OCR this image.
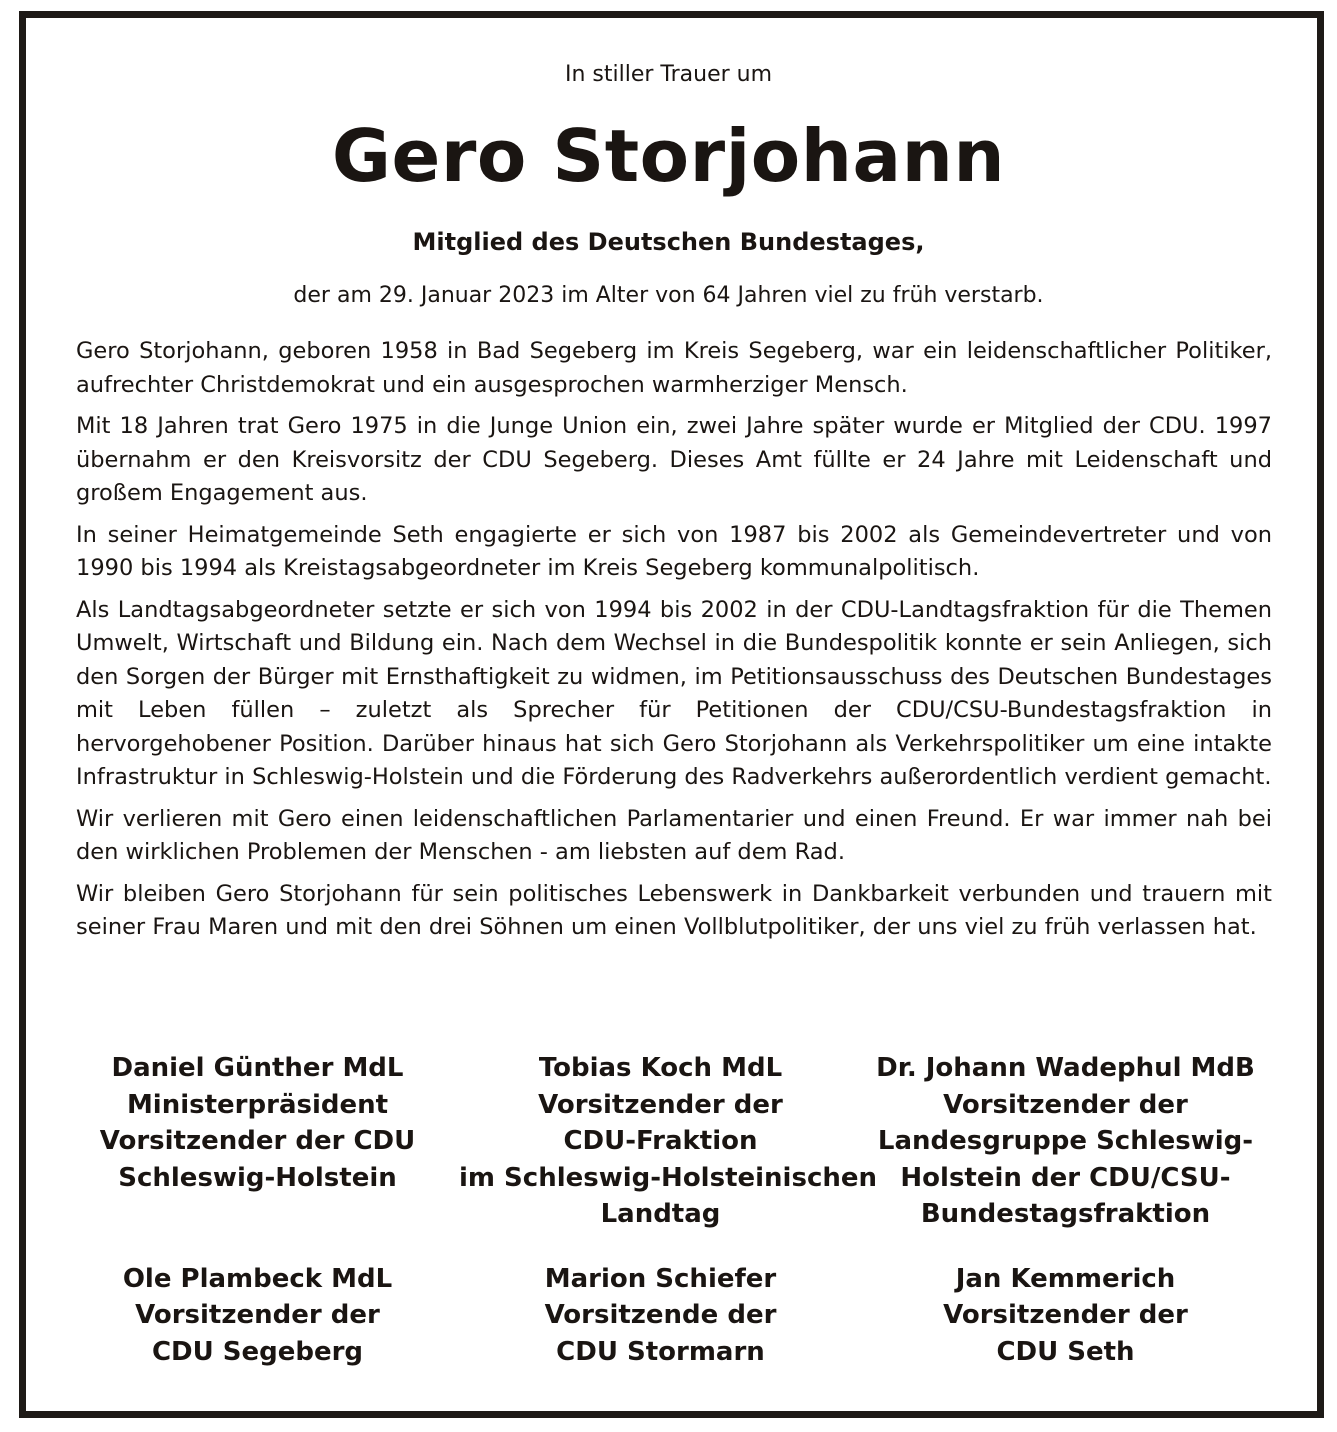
In stiller Trauer um
Gero Storjohann
Mitglied des Deutschen Bundestages,
der am 29. Januar 2023 im Alter von 64 Jahren viel zu früh verstarb.

Gero Storjohann, geboren 1958 in Bad Segeberg im Kreis Segeberg, war ein leidenschaftlicher Politiker, aufrechter Christdemokrat und ein ausgesprochen warmherziger Mensch.

Mit 18 Jahren trat Gero 1975 in die Junge Union ein, zwei Jahre später wurde er Mitglied der CDU. 1997 übernahm er den Kreisvorsitz der CDU Segeberg. Dieses Amt füllte er 24 Jahre mit Leidenschaft und großem Engagement aus.

In seiner Heimatgemeinde Seth engagierte er sich von 1987 bis 2002 als Gemeindevertreter und von 1990 bis 1994 als Kreistagsabgeordneter im Kreis Segeberg kommunalpolitisch.

Als Landtagsabgeordneter setzte er sich von 1994 bis 2002 in der CDU-Landtagsfraktion für die Themen Umwelt, Wirtschaft und Bildung ein. Nach dem Wechsel in die Bundespolitik konnte er sein Anliegen, sich den Sorgen der Bürger mit Ernsthaftigkeit zu widmen, im Petitionsausschuss des Deutschen Bundestages mit Leben füllen – zuletzt als Sprecher für Petitionen der CDU/CSU-Bundestagsfraktion in hervorgehobener Position. Darüber hinaus hat sich Gero Storjohann als Verkehrspolitiker um eine intakte Infrastruktur in Schleswig-Holstein und die Förderung des Radverkehrs außerordentlich verdient gemacht.

Wir verlieren mit Gero einen leidenschaftlichen Parlamentarier und einen Freund. Er war immer nah bei den wirklichen Problemen der Menschen - am liebsten auf dem Rad.

Wir bleiben Gero Storjohann für sein politisches Lebenswerk in Dankbarkeit verbunden und trauern mit seiner Frau Maren und mit den drei Söhnen um einen Vollblutpolitiker, der uns viel zu früh verlassen hat.

Daniel Günther MdL
Ministerpräsident
Vorsitzender der CDU
Schleswig-Holstein
Tobias Koch MdL
Vorsitzender der
CDU-Fraktion
im Schleswig-Holsteinischen
Landtag
Dr. Johann Wadephul MdB
Vorsitzender der
Landesgruppe Schleswig-
Holstein der CDU/CSU-
Bundestagsfraktion
Ole Plambeck MdL
Vorsitzender der
CDU Segeberg
Marion Schiefer
Vorsitzende der
CDU Stormarn
Jan Kemmerich
Vorsitzender der
CDU Seth
